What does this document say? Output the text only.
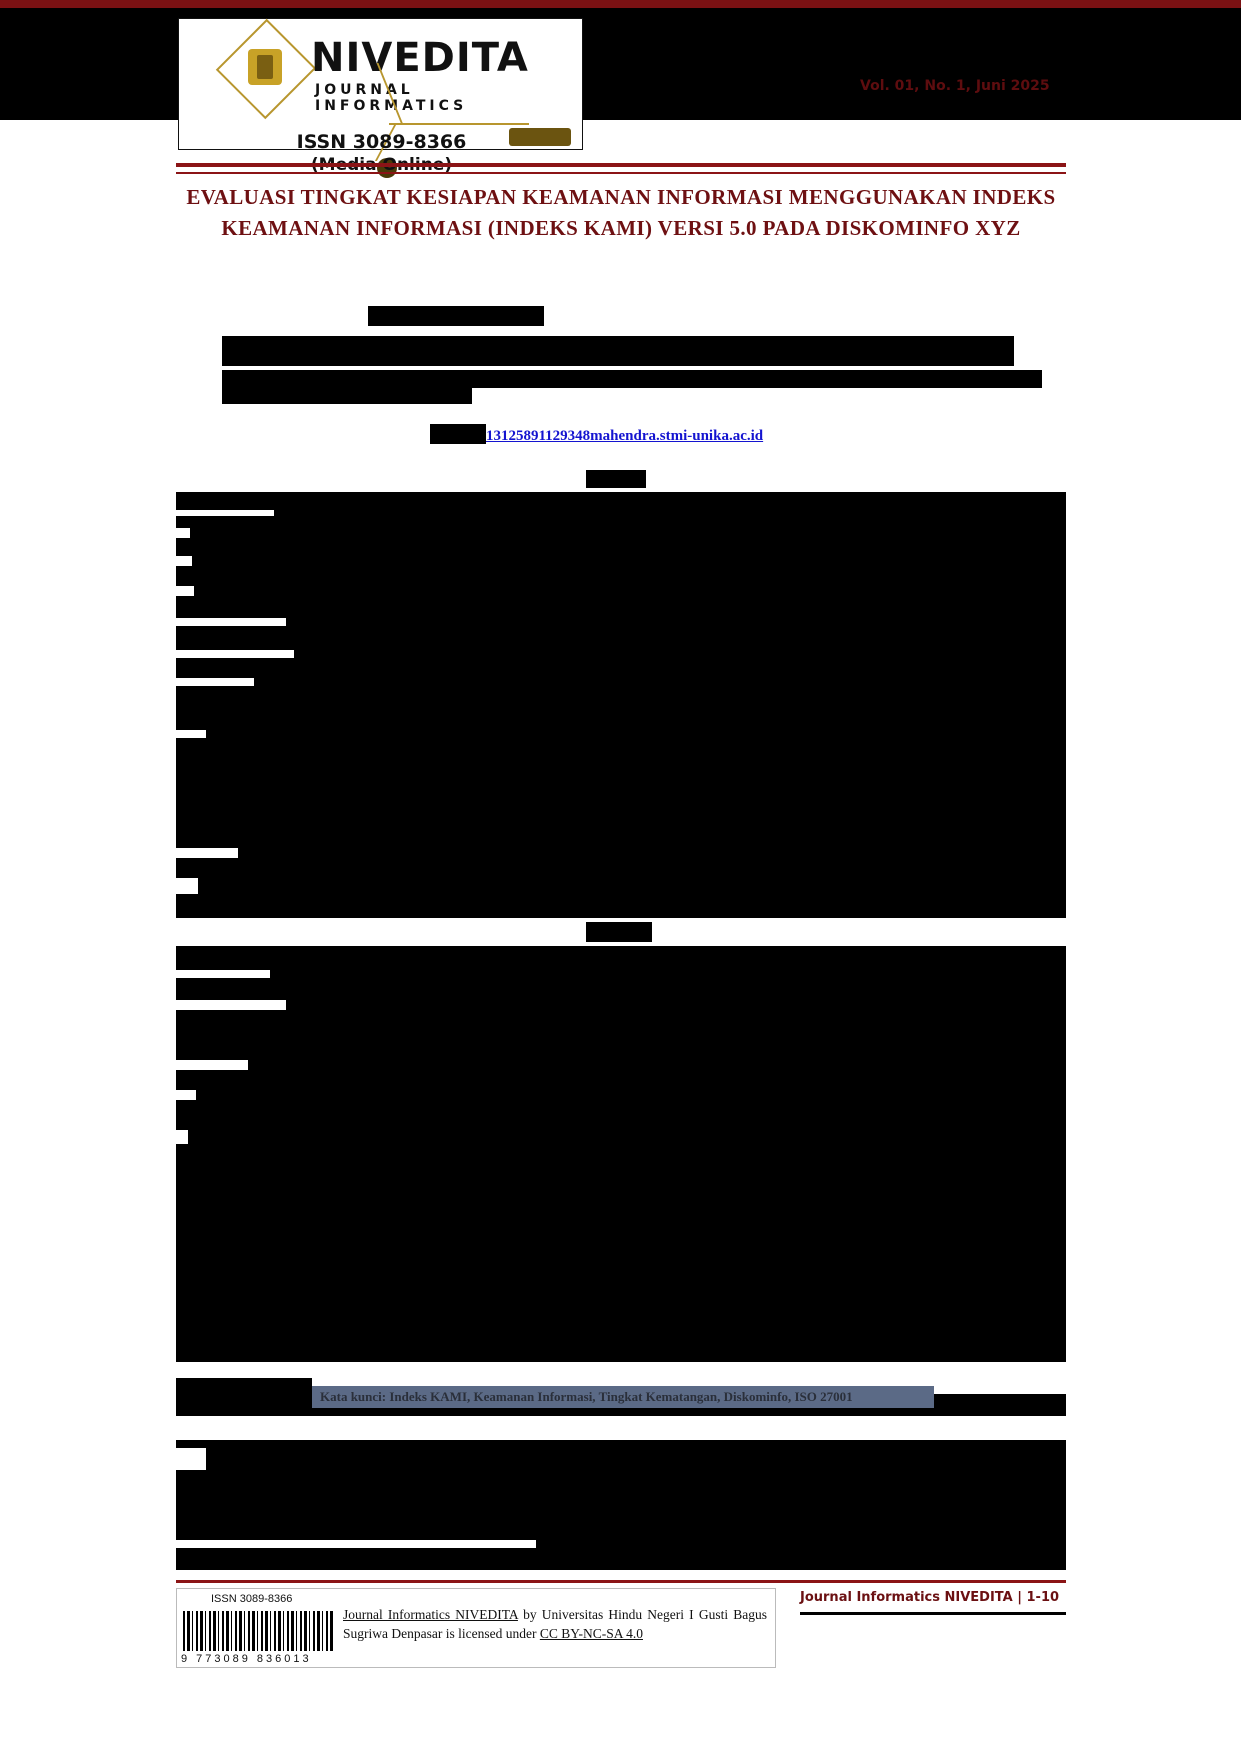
NIVEDITA
JOURNAL INFORMATICS
ISSN 3089-8366
Vol. 01, No. 1, Juni 2025
EVALUASI TINGKAT KESIAPAN KEAMANAN INFORMASI MENGGUNAKAN INDEKS KEAMANAN INFORMASI (INDEKS KAMI) VERSI 5.0 PADA DISKOMINFO XYZ
13125891129348mahendra.stmi-unika.ac.id
Kata kunci: Indeks KAMI, Keamanan Informasi, Tingkat Kematangan, Diskominfo, ISO 27001
ISSN 3089-8366
9 773089 836013
Journal Informatics NIVEDITA by Universitas Hindu Negeri I Gusti Bagus Sugriwa Denpasar is licensed under CC BY-NC-SA 4.0
Journal Informatics NIVEDITA | 1-10
